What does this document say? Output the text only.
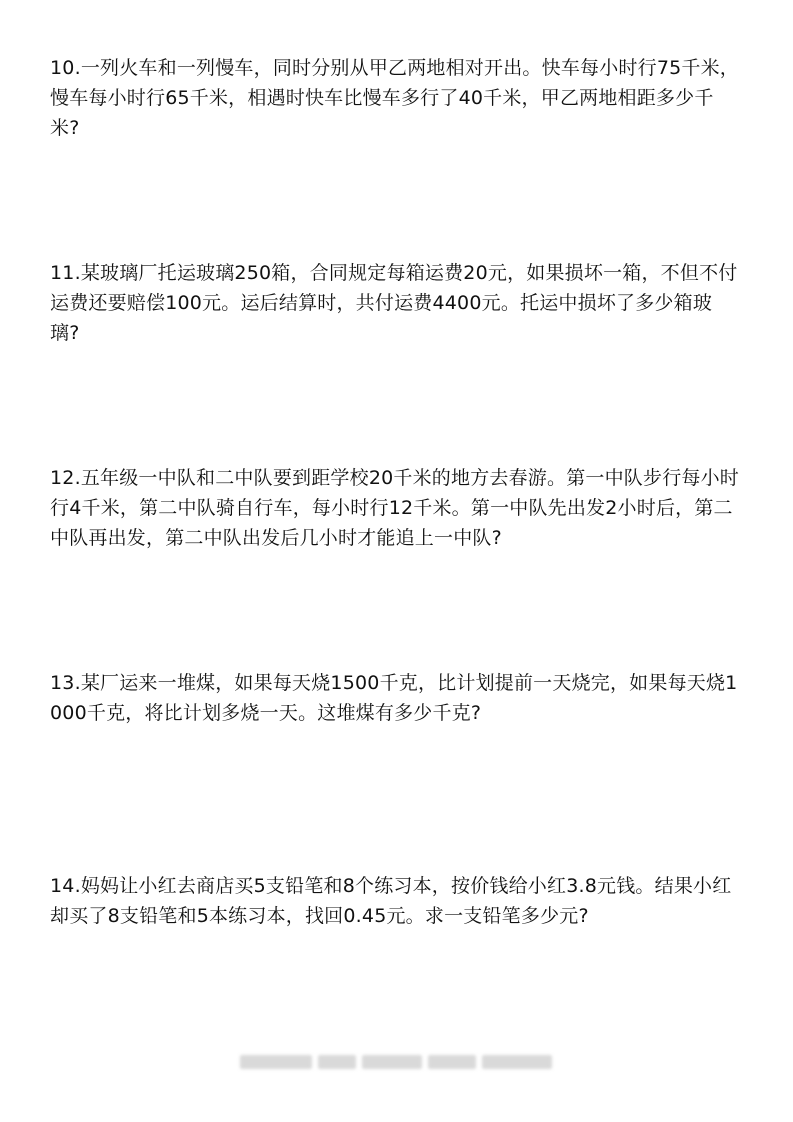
10.一列火车和一列慢车，同时分别从甲乙两地相对开出。快车每小时行75千米，慢车每小时行65千米，相遇时快车比慢车多行了40千米，甲乙两地相距多少千米?
11.某玻璃厂托运玻璃250箱，合同规定每箱运费20元，如果损坏一箱，不但不付运费还要赔偿100元。运后结算时，共付运费4400元。托运中损坏了多少箱玻璃?
12.五年级一中队和二中队要到距学校20千米的地方去春游。第一中队步行每小时行4千米，第二中队骑自行车，每小时行12千米。第一中队先出发2小时后，第二中队再出发，第二中队出发后几小时才能追上一中队?
13.某厂运来一堆煤，如果每天烧1500千克，比计划提前一天烧完，如果每天烧1000千克，将比计划多烧一天。这堆煤有多少千克?
14.妈妈让小红去商店买5支铅笔和8个练习本，按价钱给小红3.8元钱。结果小红却买了8支铅笔和5本练习本，找回0.45元。求一支铅笔多少元?
